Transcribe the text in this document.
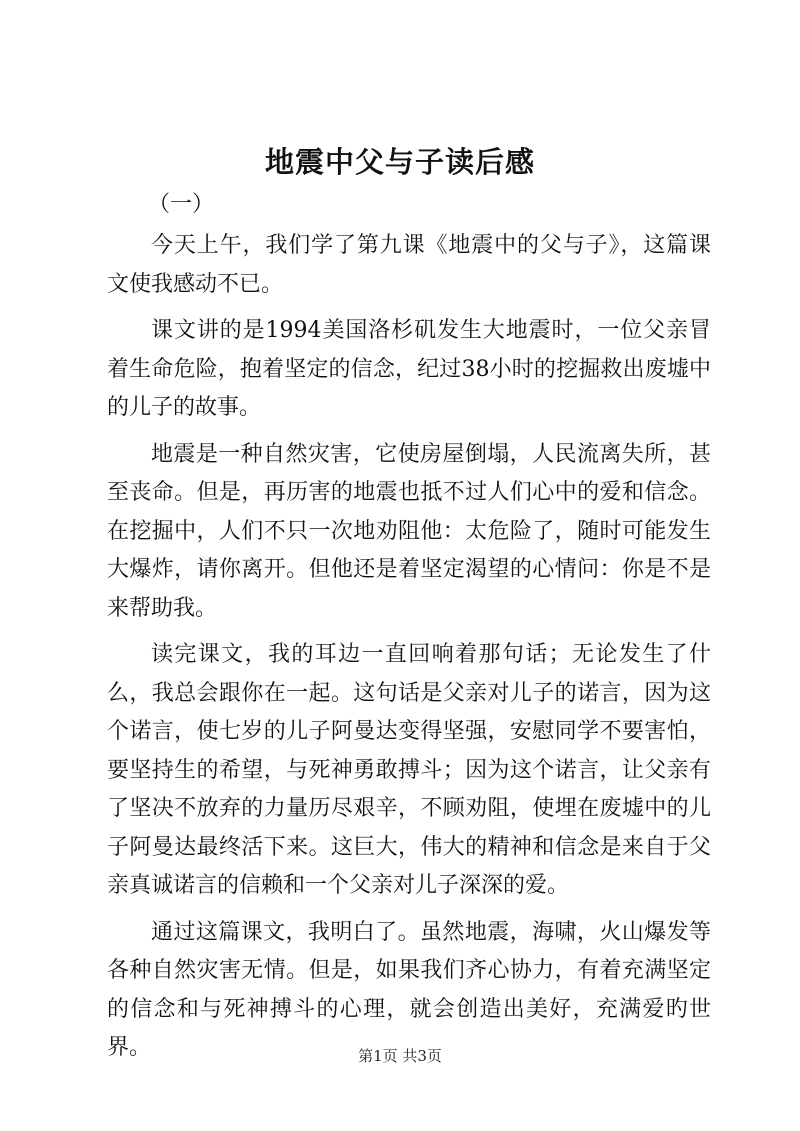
地震中父与子读后感
（一）

今天上午，我们学了第九课《地震中的父与子》，这篇课文使我感动不已。

课文讲的是1994美国洛杉矶发生大地震时，一位父亲冒着生命危险，抱着坚定的信念，纪过38小时的挖掘救出废墟中的儿子的故事。

地震是一种自然灾害，它使房屋倒塌，人民流离失所，甚至丧命。但是，再历害的地震也抵不过人们心中的爱和信念。在挖掘中，人们不只一次地劝阻他：太危险了，随时可能发生大爆炸，请你离开。但他还是着坚定渴望的心情问：你是不是来帮助我。

读完课文，我的耳边一直回响着那句话；无论发生了什么，我总会跟你在一起。这句话是父亲对儿子的诺言，因为这个诺言，使七岁的儿子阿曼达变得坚强，安慰同学不要害怕，要坚持生的希望，与死神勇敢搏斗；因为这个诺言，让父亲有了坚决不放弃的力量历尽艰辛，不顾劝阻，使埋在废墟中的儿子阿曼达最终活下来。这巨大，伟大的精神和信念是来自于父亲真诚诺言的信赖和一个父亲对儿子深深的爱。

通过这篇课文，我明白了。虽然地震，海啸，火山爆发等各种自然灾害无情。但是，如果我们齐心协力，有着充满坚定的信念和与死神搏斗的心理，就会创造出美好，充满爱旳世界。	第1页 共3页
